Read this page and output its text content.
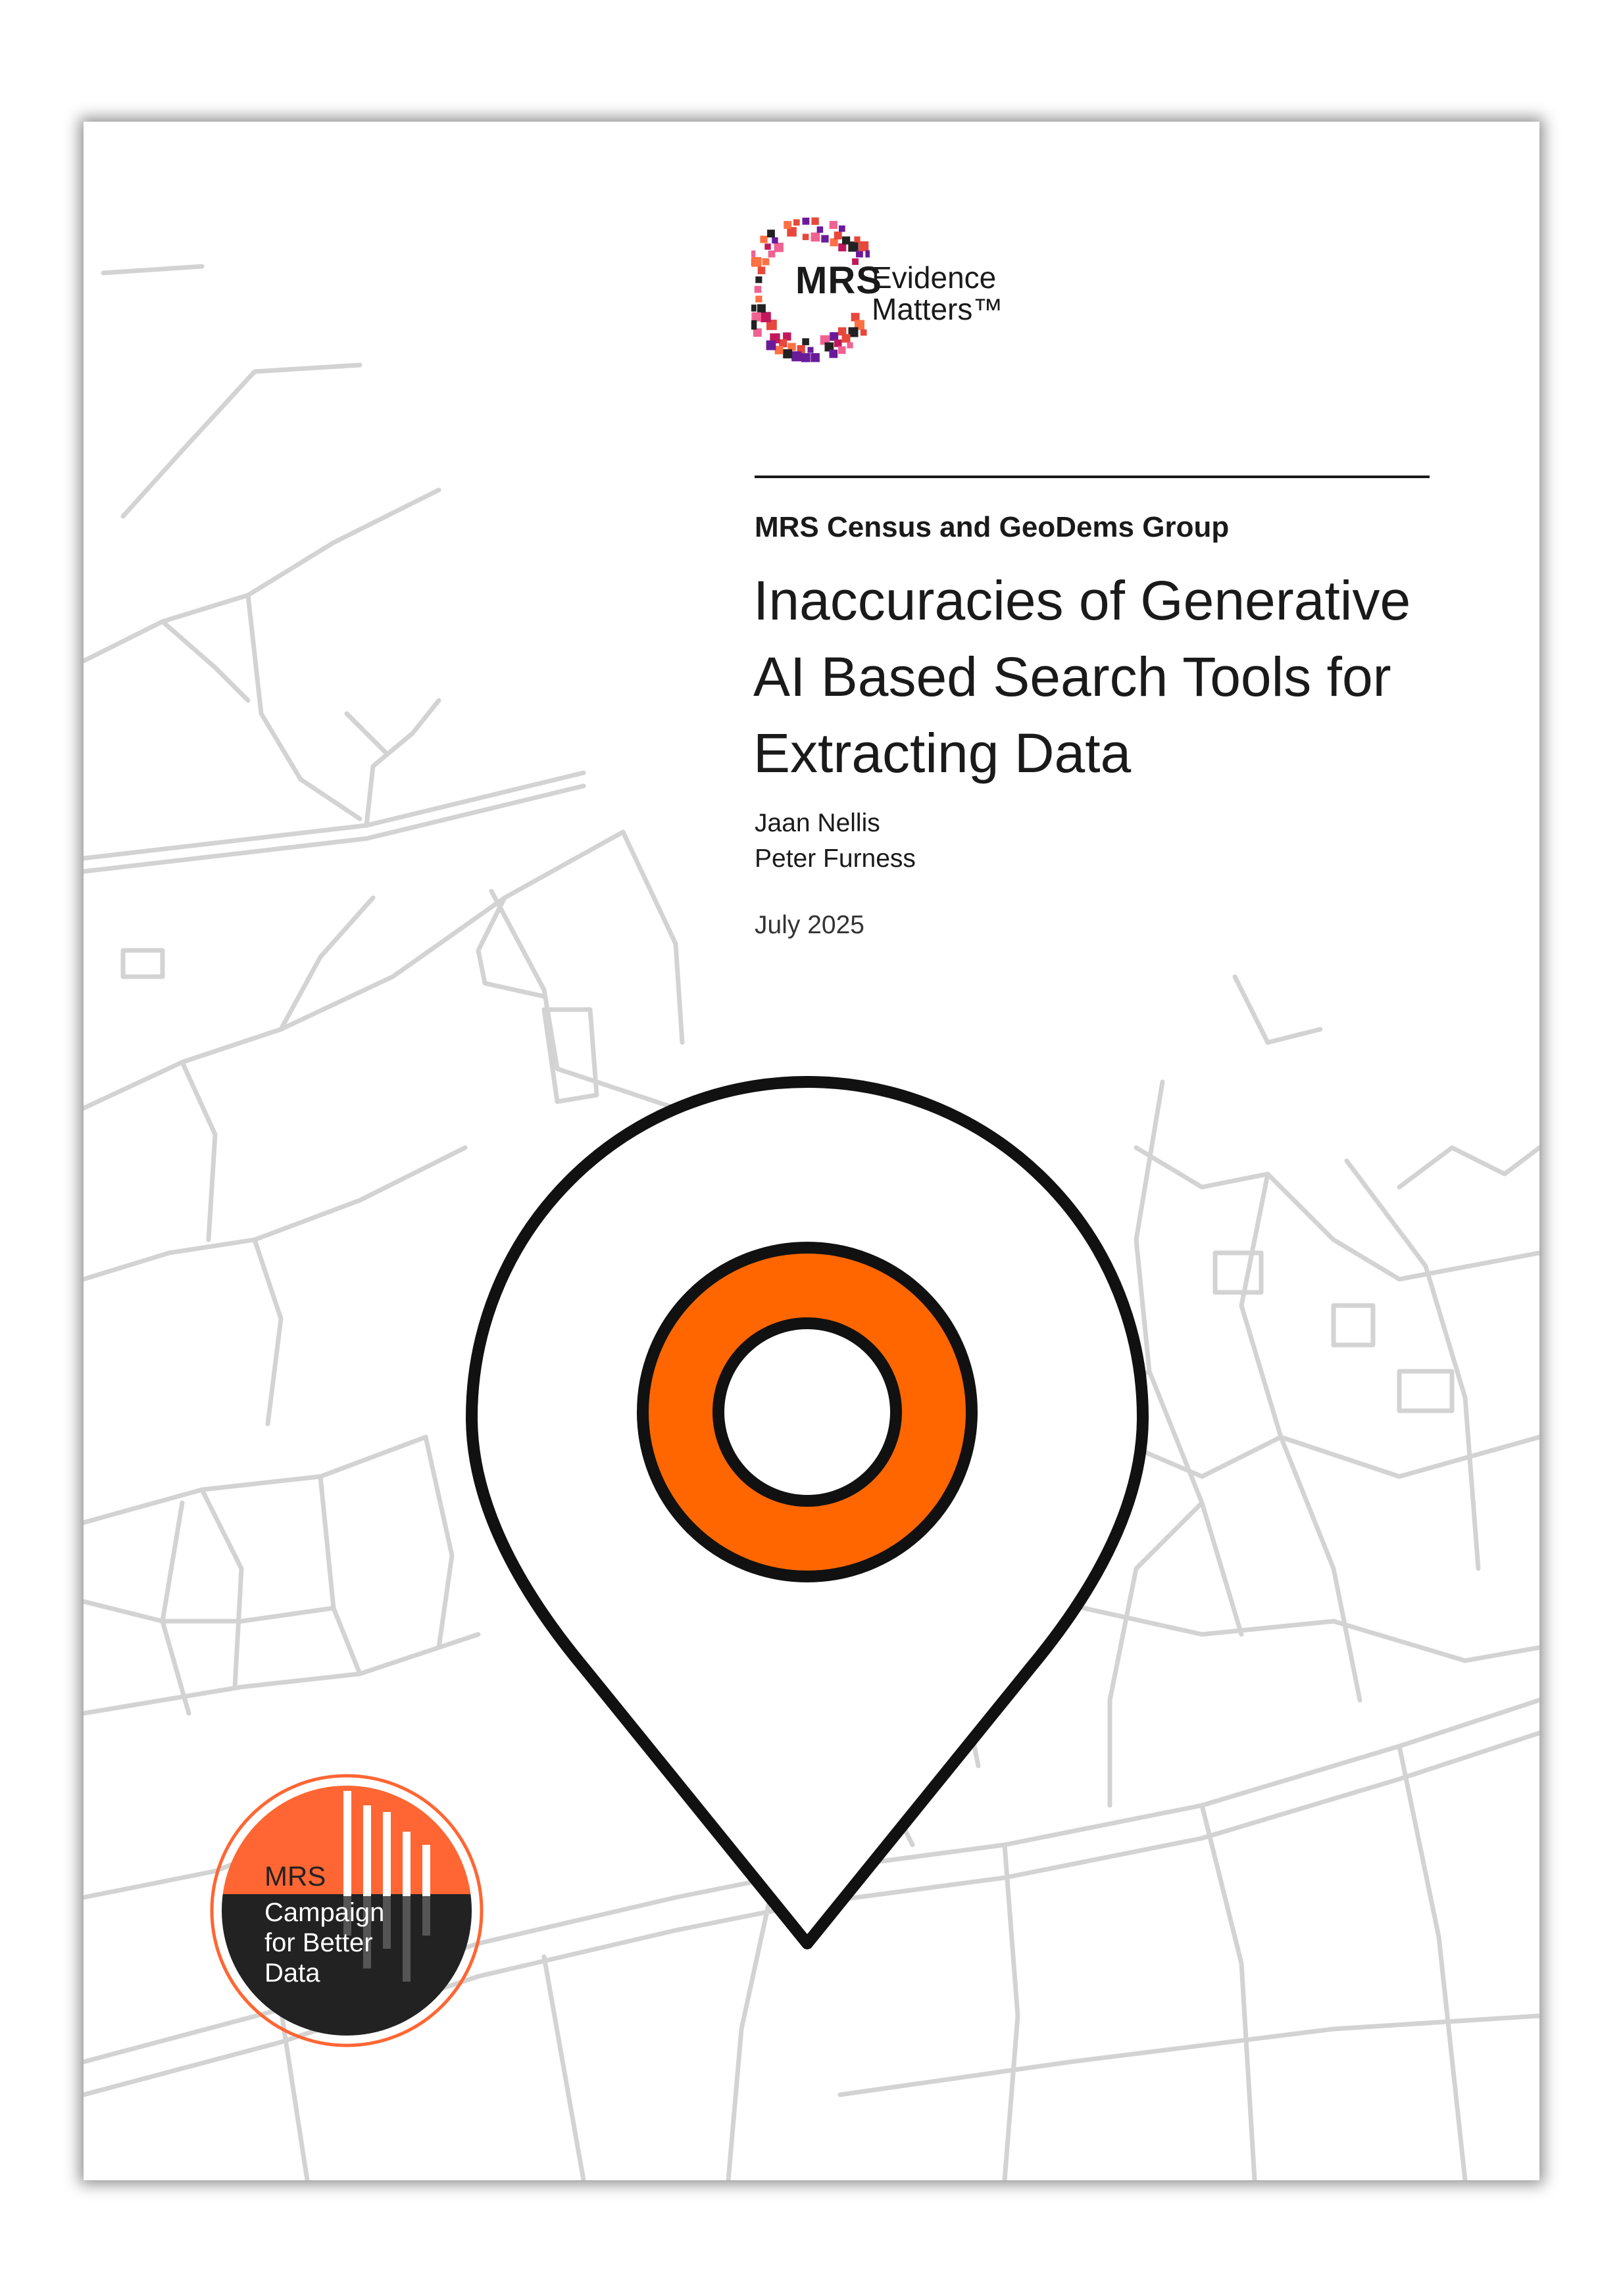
MRS
Evidence
Matters™
MRS Census and GeoDems Group
Inaccuracies of Generative
AI Based Search Tools for
Extracting Data
Jaan Nellis
Peter Furness
July 2025
MRS
Campaign
for Better
Data
